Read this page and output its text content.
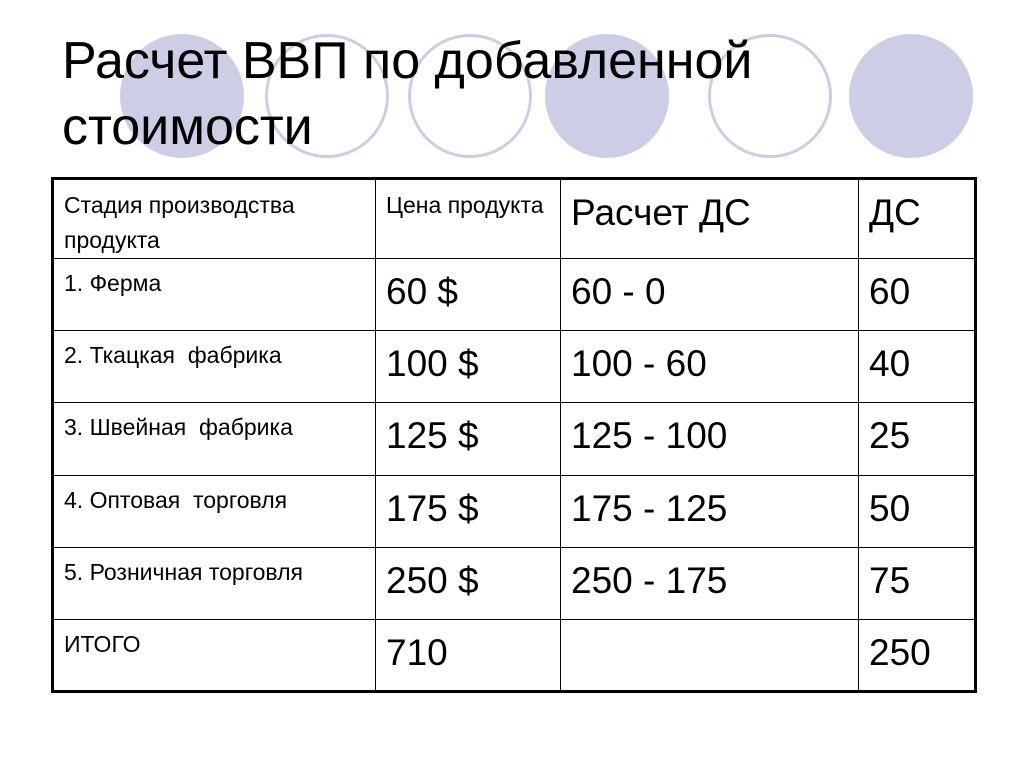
Расчет ВВП по добавленной стоимости
Стадия производства продукта	Цена продукта	Расчет ДС	ДС
1. Ферма	60 $	60 - 0	60
2. Ткацкая  фабрика	100 $	100 - 60	40
3. Швейная  фабрика	125 $	125 - 100	25
4. Оптовая  торговля	175 $	175 - 125	50
5. Розничная торговля	250 $	250 - 175	75
ИТОГО	710		250
